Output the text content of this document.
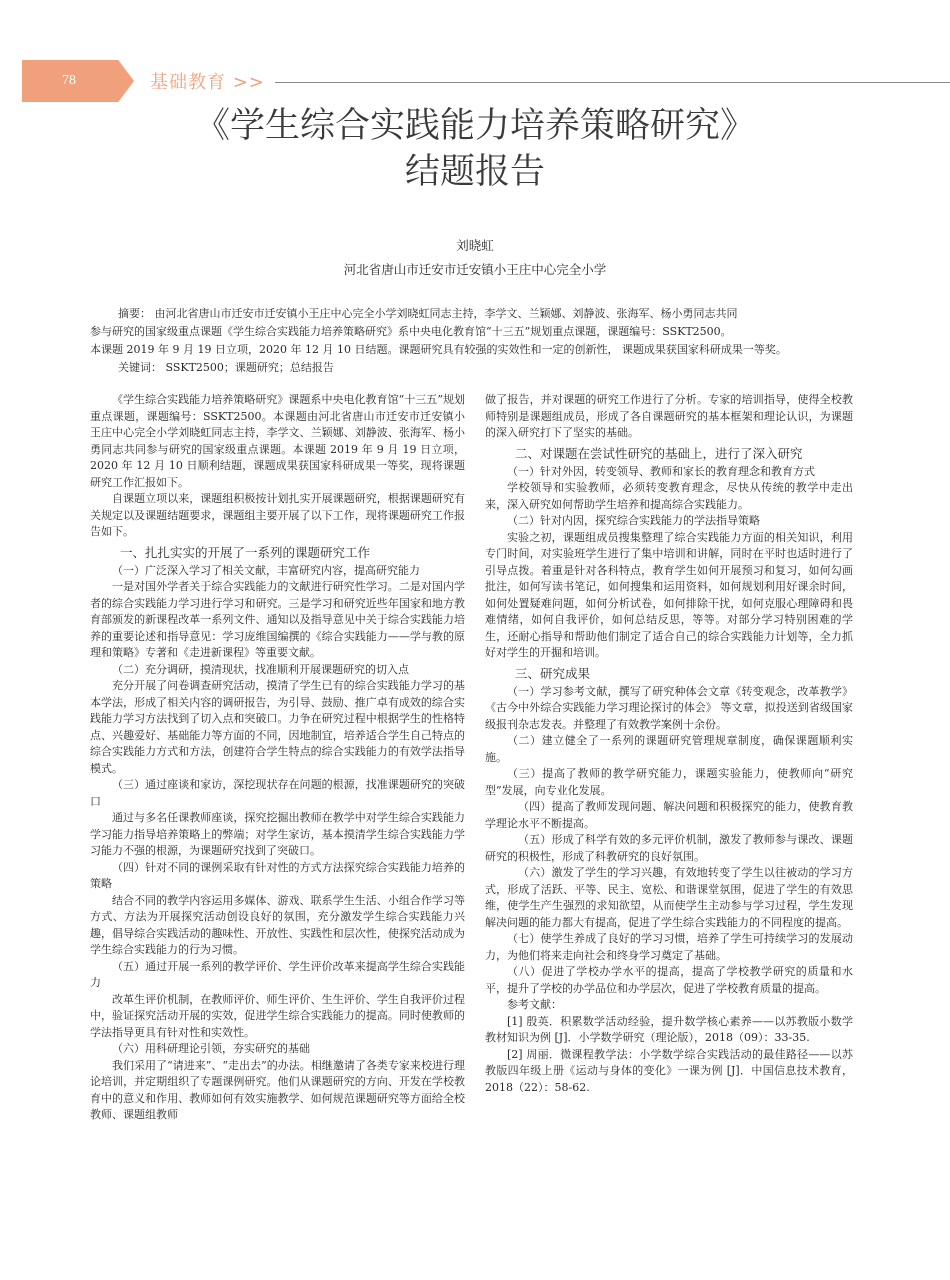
78	基础教育 >>
《学生综合实践能力培养策略研究》
结题报告
刘晓虹
河北省唐山市迁安市迁安镇小王庄中心完全小学

摘要： 由河北省唐山市迁安市迁安镇小王庄中心完全小学刘晓虹同志主持，李学文、兰颖娜、刘静波、张海军、杨小勇同志共同

参与研究的国家级重点课题《学生综合实践能力培养策略研究》系中央电化教育馆“十三五”规划重点课题，课题编号：SSKT2500。

本课题 2019 年 9 月 19 日立项，2020 年 12 月 10 日结题。课题研究具有较强的实效性和一定的创新性， 课题成果获国家科研成果一等奖。

关键词： SSKT2500；课题研究；总结报告

《学生综合实践能力培养策略研究》课题系中央电化教育馆“十三五”规划重点课题，课题编号：SSKT2500。本课题由河北省唐山市迁安市迁安镇小王庄中心完全小学刘晓虹同志主持，李学文、兰颖娜、刘静波、张海军、杨小勇同志共同参与研究的国家级重点课题。本课题 2019 年 9 月 19 日立项，2020 年 12 月 10 日顺利结题，课题成果获国家科研成果一等奖，现将课题研究工作汇报如下。

自课题立项以来，课题组积极按计划扎实开展课题研究，根据课题研究有关规定以及课题结题要求，课题组主要开展了以下工作，现将课题研究工作报告如下。

一、扎扎实实的开展了一系列的课题研究工作

（一）广泛深入学习了相关文献，丰富研究内容，提高研究能力

一是对国外学者关于综合实践能力的文献进行研究性学习。二是对国内学者的综合实践能力学习进行学习和研究。三是学习和研究近些年国家和地方教育部颁发的新课程改革一系列文件、通知以及指导意见中关于综合实践能力培养的重要论述和指导意见：学习庞维国编撰的《综合实践能力——学与教的原理和策略》专著和《走进新课程》等重要文献。

（二）充分调研，摸清现状，找准顺利开展课题研究的切入点

充分开展了问卷调查研究活动，摸清了学生已有的综合实践能力学习的基本学法，形成了相关内容的调研报告，为引导、鼓励、推广卓有成效的综合实践能力学习方法找到了切入点和突破口。力争在研究过程中根据学生的性格特点、兴趣爱好、基础能力等方面的不同，因地制宜，培养适合学生自己特点的综合实践能力方式和方法，创建符合学生特点的综合实践能力的有效学法指导模式。

（三）通过座谈和家访，深挖现状存在问题的根源，找准课题研究的突破口

通过与多名任课教师座谈，探究挖掘出教师在教学中对学生综合实践能力学习能力指导培养策略上的弊端；对学生家访，基本摸清学生综合实践能力学习能力不强的根源，为课题研究找到了突破口。

（四）针对不同的课例采取有针对性的方式方法探究综合实践能力培养的策略

结合不同的教学内容运用多媒体、游戏、联系学生生活、小组合作学习等方式、方法为开展探究活动创设良好的氛围，充分激发学生综合实践能力兴趣，倡导综合实践活动的趣味性、开放性、实践性和层次性，使探究活动成为学生综合实践能力的行为习惯。

（五）通过开展一系列的教学评价、学生评价改革来提高学生综合实践能力

改革生评价机制，在教师评价、师生评价、生生评价、学生自我评价过程中，验证探究活动开展的实效，促进学生综合实践能力的提高。同时使教师的学法指导更具有针对性和实效性。

（六）用科研理论引领，夯实研究的基础

我们采用了“请进来”、“走出去”的办法。相继邀请了各类专家来校进行理论培训，并定期组织了专题课例研究。他们从课题研究的方向、开发在学校教育中的意义和作用、教师如何有效实施教学、如何规范课题研究等方面给全校教师、课题组教师

做了报告，并对课题的研究工作进行了分析。专家的培训指导，使得全校教师特别是课题组成员，形成了各自课题研究的基本框架和理论认识，为课题的深入研究打下了坚实的基础。

二、对课题在尝试性研究的基础上，进行了深入研究

（一）针对外因，转变领导、教师和家长的教育理念和教育方式

学校领导和实验教师，必须转变教育理念，尽快从传统的教学中走出来，深入研究如何帮助学生培养和提高综合实践能力。

（二）针对内因，探究综合实践能力的学法指导策略

实验之初，课题组成员搜集整理了综合实践能力方面的相关知识，利用专门时间，对实验班学生进行了集中培训和讲解，同时在平时也适时进行了引导点拨。着重是针对各科特点，教育学生如何开展预习和复习，如何勾画批注，如何写读书笔记，如何搜集和运用资料，如何规划利用好课余时间，如何处置疑难问题，如何分析试卷，如何排除干扰，如何克服心理障碍和畏难情绪，如何自我评价，如何总结反思，等等。对部分学习特别困难的学生，还耐心指导和帮助他们制定了适合自己的综合实践能力计划等，全力抓好对学生的开掘和培训。

三、研究成果

（一）学习参考文献，撰写了研究种体会文章《转变观念，改革教学》《古今中外综合实践能力学习理论探讨的体会》 等文章，拟投送到省级国家级报刊杂志发表。并整理了有效教学案例十余份。

（二）建立健全了一系列的课题研究管理规章制度，确保课题顺利实施。

（三）提高了教师的教学研究能力，课题实验能力，使教师向“研究型”发展，向专业化发展。

（四）提高了教师发现问题、解决问题和积极探究的能力，使教育教学理论水平不断提高。

（五）形成了科学有效的多元评价机制，激发了教师参与课改、课题研究的积极性，形成了科教研究的良好氛围。

（六）激发了学生的学习兴趣，有效地转变了学生以往被动的学习方式，形成了活跃、平等、民主、宽松、和谐课堂氛围，促进了学生的有效思维，使学生产生强烈的求知欲望，从而使学生主动参与学习过程，学生发现解决问题的能力都大有提高，促进了学生综合实践能力的不同程度的提高。

（七）使学生养成了良好的学习习惯，培养了学生可持续学习的发展动力，为他们将来走向社会和终身学习奠定了基础。

（八）促进了学校办学水平的提高，提高了学校教学研究的质量和水平，提升了学校的办学品位和办学层次，促进了学校教育质量的提高。

参考文献：

[1] 殷英．积累数学活动经验，提升数学核心素养——以苏教版小数学教材知识为例 [J]．小学数学研究（理论版），2018（09）：33-35.

[2] 周丽．微课程教学法：小学数学综合实践活动的最佳路径——以苏教版四年级上册《运动与身体的变化》一课为例 [J]．中国信息技术教育，2018（22）：58-62.
